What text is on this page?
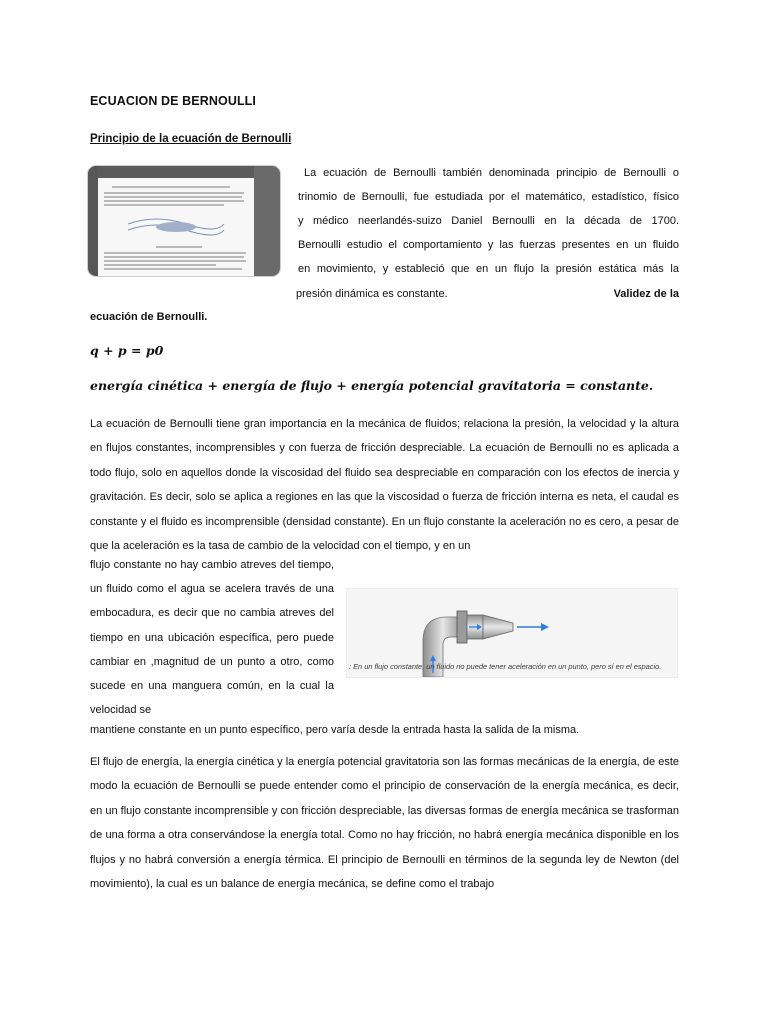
ECUACION DE BERNOULLI
Principio de la ecuación de Bernoulli
La ecuación de Bernoulli también denominada principio de Bernoulli o
trinomio de Bernoulli, fue estudiada por el matemático, estadístico, físico
y médico neerlandés-suizo Daniel Bernoulli en la década de 1700.
Bernoulli estudio el comportamiento y las fuerzas presentes en un fluido
en movimiento, y estableció que en un flujo la presión estática más la
presión dinámica es constante.	Validez de la
ecuación de Bernoulli.
q + p = p0
energía cinética + energía de flujo + energía potencial gravitatoria = constante.
La ecuación de Bernoulli tiene gran importancia en la mecánica de fluidos; relaciona la presión, la velocidad y la altura en flujos constantes, incomprensibles y con fuerza de fricción despreciable. La ecuación de Bernoulli no es aplicada a todo flujo, solo en aquellos donde la viscosidad del fluido sea despreciable en comparación con los efectos de inercia y gravitación. Es decir, solo se aplica a regiones en las que la viscosidad o fuerza de fricción interna es neta, el caudal es constante y el fluido es incomprensible (densidad constante). En un flujo constante la aceleración no es cero, a pesar de que la aceleración es la tasa de cambio de la velocidad con el tiempo, y en un
flujo constante no hay cambio atreves del tiempo, un fluido como el agua se acelera través de una embocadura, es decir que no cambia atreves del tiempo en una ubicación específica, pero puede cambiar en ,magnitud de un punto a otro, como sucede en una manguera común, en la cual la velocidad se
: En un flujo constante, un fluido no puede tener aceleración en un punto, pero sí en el espacio.
mantiene constante en un punto específico, pero varía desde la entrada hasta la salida de la misma.
El flujo de energía, la energía cinética y la energía potencial gravitatoria son las formas mecánicas de la energía, de este modo la ecuación de Bernoulli se puede entender como el principio de conservación de la energía mecánica, es decir, en un flujo constante incomprensible y con fricción despreciable, las diversas formas de energía mecánica se trasforman de una forma a otra conservándose la energía total. Como no hay fricción, no habrá energía mecánica disponible en los flujos y no habrá conversión a energía térmica. El principio de Bernoulli en términos de la segunda ley de Newton (del movimiento), la cual es un balance de energía mecánica, se define como el trabajo
